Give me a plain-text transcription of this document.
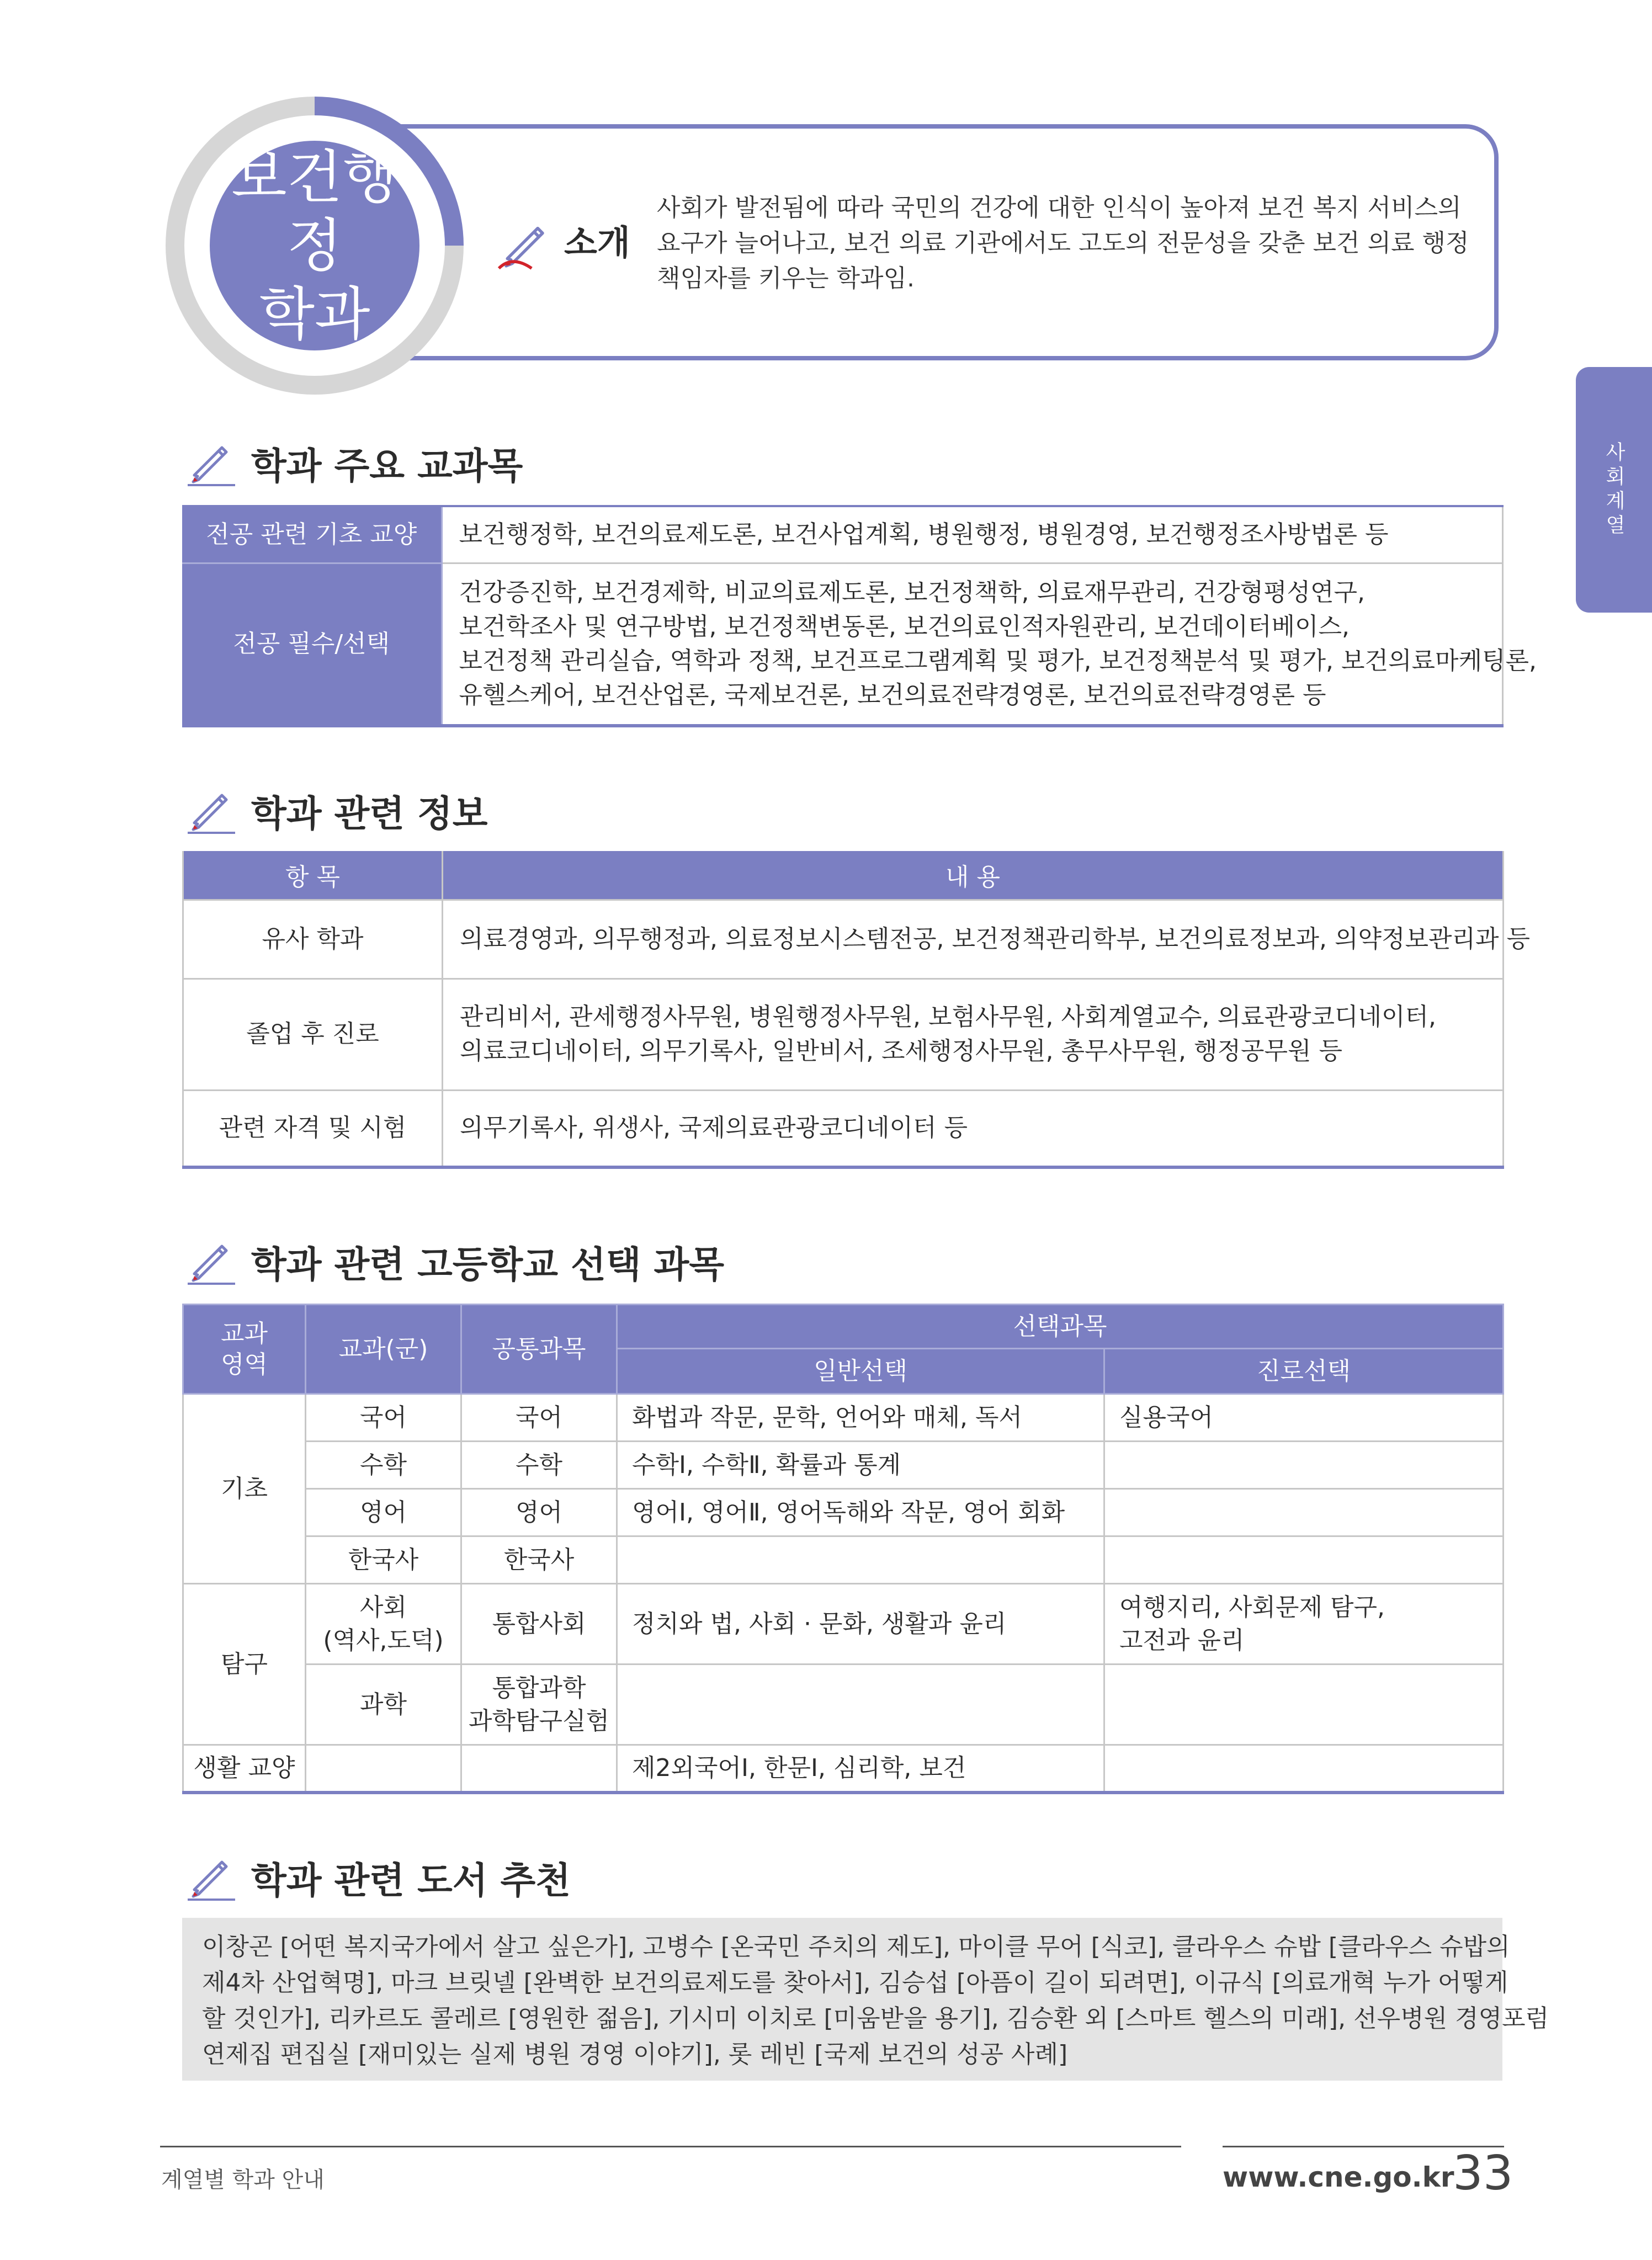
보건행정
학과
소개
사회가 발전됨에 따라 국민의 건강에 대한 인식이 높아져 보건 복지 서비스의
요구가 늘어나고, 보건 의료 기관에서도 고도의 전문성을 갖춘 보건 의료 행정
책임자를 키우는 학과임.
사회계열
학과 주요 교과목
전공 관련 기초 교양	보건행정학, 보건의료제도론, 보건사업계획, 병원행정, 병원경영, 보건행정조사방법론 등

전공 필수/선택	건강증진학, 보건경제학, 비교의료제도론, 보건정책학, 의료재무관리, 건강형평성연구,
보건학조사 및 연구방법, 보건정책변동론, 보건의료인적자원관리, 보건데이터베이스,
보건정책 관리실습, 역학과 정책, 보건프로그램계획 및 평가, 보건정책분석 및 평가, 보건의료마케팅론,
유헬스케어, 보건산업론, 국제보건론, 보건의료전략경영론, 보건의료전략경영론 등
학과 관련 정보
항 목	내 용
유사 학과	의료경영과, 의무행정과, 의료정보시스템전공, 보건정책관리학부, 보건의료정보과, 의약정보관리과 등

졸업 후 진로	관리비서, 관세행정사무원, 병원행정사무원, 보험사무원, 사회계열교수, 의료관광코디네이터,
의료코디네이터, 의무기록사, 일반비서, 조세행정사무원, 총무사무원, 행정공무원 등

관련 자격 및 시험	의무기록사, 위생사, 국제의료관광코디네이터 등
학과 관련 고등학교 선택 과목
교과
영역	교과(군)	공통과목	선택과목	
			일반선택	진로선택
기초	국어	국어	화법과 작문, 문학, 언어와 매체, 독서	실용국어
	수학	수학	수학Ⅰ, 수학Ⅱ, 확률과 통계	
	영어	영어	영어Ⅰ, 영어Ⅱ, 영어독해와 작문, 영어 회화	
	한국사	한국사		
탐구	사회
(역사,도덕)	통합사회	정치와 법, 사회 · 문화, 생활과 윤리	여행지리, 사회문제 탐구,
고전과 윤리

	과학	통합과학
과학탐구실험		

생활 교양			제2외국어Ⅰ, 한문Ⅰ, 심리학, 보건	
학과 관련 도서 추천
이창곤 [어떤 복지국가에서 살고 싶은가], 고병수 [온국민 주치의 제도], 마이클 무어 [식코], 클라우스 슈밥 [클라우스 슈밥의
제4차 산업혁명], 마크 브릿넬 [완벽한 보건의료제도를 찾아서], 김승섭 [아픔이 길이 되려면], 이규식 [의료개혁 누가 어떻게
할 것인가], 리카르도 콜레르 [영원한 젊음], 기시미 이치로 [미움받을 용기], 김승환 외 [스마트 헬스의 미래], 선우병원 경영포럼
연제집 편집실 [재미있는 실제 병원 경영 이야기], 롯 레빈 [국제 보건의 성공 사례]
계열별 학과 안내	www.cne.go.kr
33
